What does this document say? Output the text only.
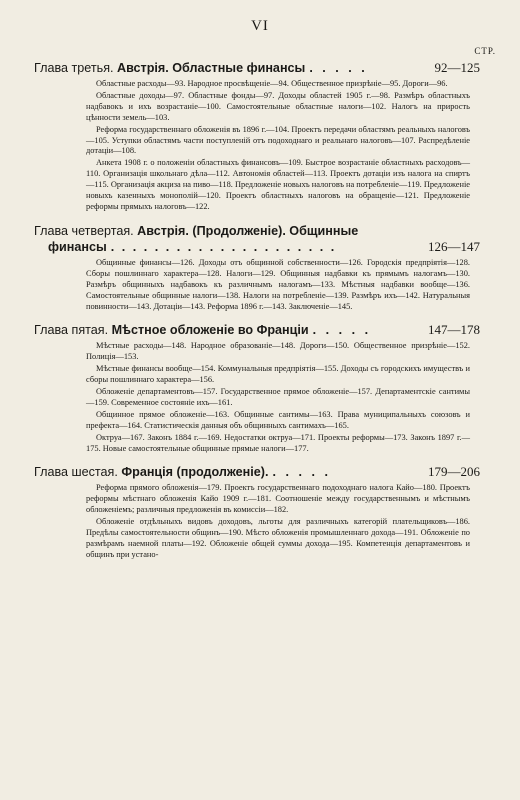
VI
СТР.
Глава третья. Австрія. Областные финансы . . . . .	92—125

Областные расходы—93. Народное просвѣщеніе—94. Общественное призрѣніе—95. Дороги—96.

Областные доходы—97. Областные фонды—97. Доходы областей 1905 г.—98. Размѣръ областныхъ надбавокъ и ихъ возрастаніе—100. Самостоятельные областные налоги—102. Налогъ на прирость цѣнности земель—103.

Реформа государственнаго обложенія въ 1896 г.—104. Проектъ передачи областямъ реальныхъ налоговъ—105. Уступки областямъ части поступленій отъ подоходнаго и реальнаго налоговъ—107. Распредѣленіе дотаціи—108.

Анкета 1908 г. о положеніи областныхъ финансовъ—109. Быстрое возрастаніе областныхъ расходовъ—110. Организація школьнаго дѣла—112. Автономія областей—113. Проектъ дотаціи изъ налога на спиртъ—115. Организація акциза на пиво—118. Предложеніе новыхъ налоговъ на потребленіе—119. Предложеніе новыхъ казенныхъ монополій—120. Проектъ областныхъ налоговъ на обращеніе—121. Предложеніе реформы прямыхъ налоговъ—122.

Глава четвертая. Австрія. (Продолженіе). Общинные
финансы . . . . . . . . . . . . . . . . . . . . .	126—147

Общинные финансы—126. Доходы отъ общинной собственности—126. Городскія предпріятія—128. Сборы пошлиннаго характера—128. Налоги—129. Общинныя надбавки къ прямымъ налогамъ—130. Размѣръ общинныхъ надбавокъ къ различнымъ налогамъ—133. Мѣстныя надбавки вообще—136. Самостоятельные общинные налоги—138. Налоги на потребленіе—139. Размѣръ ихъ—142. Натуральныя повинности—143. Дотаціи—143. Реформа 1896 г.—143. Заключеніе—145.

Глава пятая. Мѣстное обложеніе во Франціи . . . . .	147—178

Мѣстные расходы—148. Народное образованіе—148. Дороги—150. Общественное призрѣніе—152. Полиція—153.

Мѣстные финансы вообще—154. Коммунальныя предпріятія—155. Доходы съ городскихъ имуществъ и сборы пошлиннаго характера—156.

Обложеніе департаментовъ—157. Государственное прямое обложеніе—157. Департаментскіе сантимы—159. Современное состояніе ихъ—161.

Общинное прямое обложеніе—163. Общинные сантимы—163. Права муниципальныхъ союзовъ и префекта—164. Статистическія данныя объ общинныхъ сантимахъ—165.

Октруа—167. Законъ 1884 г.—169. Недостатки октруа—171. Проекты реформы—173. Законъ 1897 г.—175. Новые самостоятельные общинные прямые налоги—177.

Глава шестая. Франція (продолженіе). . . . . .	179—206

Реформа прямого обложенія—179. Проектъ государственнаго подоходнаго налога Кайо—180. Проектъ реформы мѣстнаго обложенія Кайо 1909 г.—181. Соотношеніе между государственнымъ и мѣстнымъ обложеніемъ; различныя предложенія въ комиссіи—182.

Обложеніе отдѣльныхъ видовъ доходовъ, льготы для различныхъ категорій плательщиковъ—186. Предѣлы самостоятельности общинъ—190. Мѣсто обложенія промышленнаго дохода—191. Обложеніе по размѣрамъ наемной платы—192. Обложеніе общей суммы дохода—195. Компетенція департаментовъ и общинъ при устано-
